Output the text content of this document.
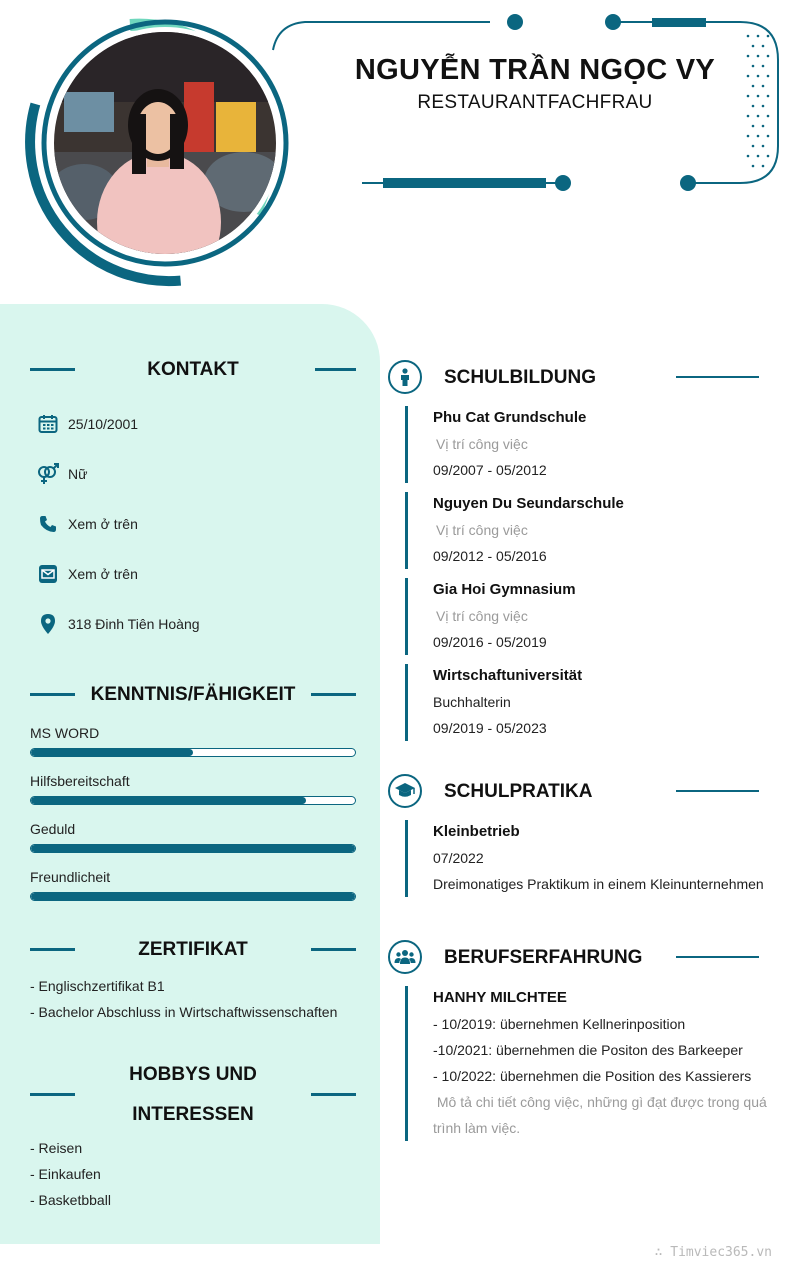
NGUYỄN TRẦN NGỌC VY
RESTAURANTFACHFRAU
KONTAKT
25/10/2001
Nữ
Xem ở trên
Xem ở trên
318 Đinh Tiên Hoàng
KENNTNIS/FÄHIGKEIT
MS WORD
Hilfsbereitschaft
Geduld
Freundlicheit
ZERTIFIKAT
- Englischzertifikat B1
- Bachelor Abschluss in Wirtschaftwissenschaften
HOBBYS UND
INTERESSEN
- Reisen
- Einkaufen
- Basketbball
SCHULBILDUNG
Phu Cat Grundschule
Vị trí công việc
09/2007 - 05/2012
Nguyen Du Seundarschule
Vị trí công việc
09/2012 - 05/2016
Gia Hoi Gymnasium
Vị trí công việc
09/2016 - 05/2019
Wirtschaftuniversität
Buchhalterin
09/2019 - 05/2023
SCHULPRATIKA
Kleinbetrieb
07/2022
Dreimonatiges Praktikum in einem Kleinunternehmen
BERUFSERFAHRUNG
HANHY MILCHTEE
- 10/2019: übernehmen Kellnerinposition
-10/2021: übernehmen die Positon des Barkeeper
- 10/2022: übernehmen die Position des Kassierers
Mô tả chi tiết công việc, những gì đạt được trong quá
trình làm việc.
∴ Timviec365.vn
